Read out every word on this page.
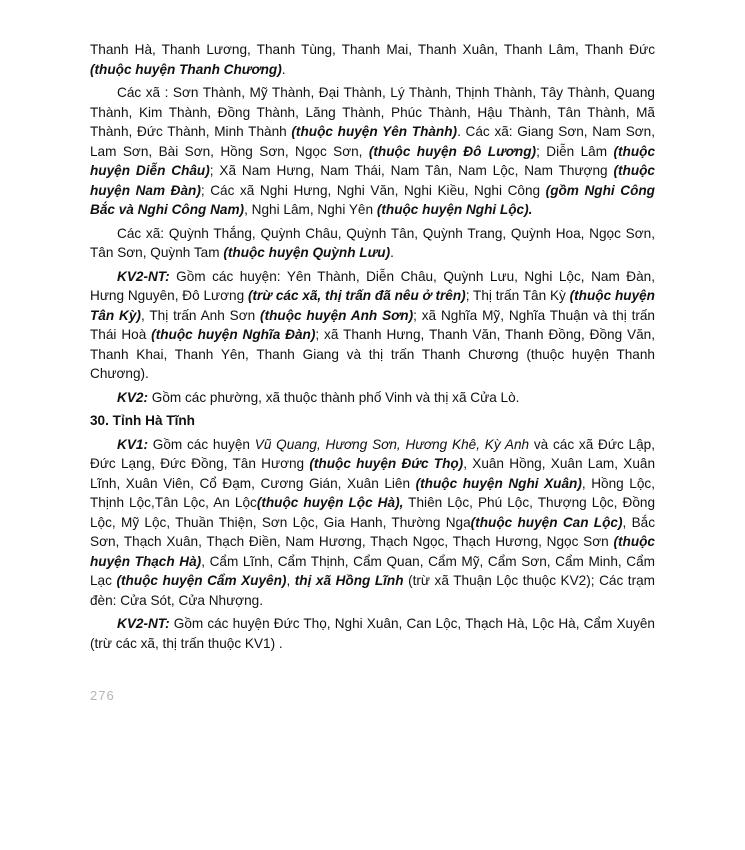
Thanh Hà, Thanh Lương, Thanh Tùng, Thanh Mai, Thanh Xuân, Thanh Lâm, Thanh Đức (thuộc huyện Thanh Chương).

Các xã : Sơn Thành, Mỹ Thành, Đại Thành, Lý Thành, Thịnh Thành, Tây Thành, Quang Thành, Kim Thành, Đồng Thành, Lăng Thành, Phúc Thành, Hậu Thành, Tân Thành, Mã Thành, Đức Thành, Minh Thành (thuộc huyện Yên Thành). Các xã: Giang Sơn, Nam Sơn, Lam Sơn, Bài Sơn, Hồng Sơn, Ngọc Sơn, (thuộc huyện Đô Lương); Diễn Lâm (thuộc huyện Diễn Châu); Xã Nam Hưng, Nam Thái, Nam Tân, Nam Lộc, Nam Thượng (thuộc huyện Nam Đàn); Các xã Nghi Hưng, Nghi Văn, Nghi Kiều, Nghi Công (gồm Nghi Công Bắc và Nghi Công Nam), Nghi Lâm, Nghi Yên (thuộc huyện Nghi Lộc).

Các xã: Quỳnh Thắng, Quỳnh Châu, Quỳnh Tân, Quỳnh Trang, Quỳnh Hoa, Ngọc Sơn, Tân Sơn, Quỳnh Tam (thuộc huyện Quỳnh Lưu).

KV2-NT: Gồm các huyện: Yên Thành, Diễn Châu, Quỳnh Lưu, Nghi Lộc, Nam Đàn, Hưng Nguyên, Đô Lương (trừ các xã, thị trấn đã nêu ở trên); Thị trấn Tân Kỳ (thuộc huyện Tân Kỳ), Thị trấn Anh Sơn (thuộc huyện Anh Sơn); xã Nghĩa Mỹ, Nghĩa Thuận và thị trấn Thái Hoà (thuộc huyện Nghĩa Đàn); xã Thanh Hưng, Thanh Văn, Thanh Đồng, Đồng Văn, Thanh Khai, Thanh Yên, Thanh Giang và thị trấn Thanh Chương (thuộc huyện Thanh Chương).

KV2: Gồm các phường, xã thuộc thành phố Vinh và thị xã Cửa Lò.

30. Tỉnh Hà Tĩnh

KV1: Gồm các huyện Vũ Quang, Hương Sơn, Hương Khê, Kỳ Anh và các xã Đức Lập, Đức Lạng, Đức Đồng, Tân Hương (thuộc huyện Đức Thọ), Xuân Hồng, Xuân Lam, Xuân Lĩnh, Xuân Viên, Cổ Đạm, Cương Gián, Xuân Liên (thuộc huyện Nghi Xuân), Hồng Lộc, Thịnh Lộc,Tân Lộc, An Lộc(thuộc huyện Lộc Hà), Thiên Lộc, Phú Lộc, Thượng Lộc, Đồng Lộc, Mỹ Lộc, Thuần Thiện, Sơn Lộc, Gia Hanh, Thường Nga(thuộc huyện Can Lộc), Bắc Sơn, Thạch Xuân, Thạch Điền, Nam Hương, Thạch Ngọc, Thạch Hương, Ngọc Sơn (thuộc huyện Thạch Hà), Cẩm Lĩnh, Cẩm Thịnh, Cẩm Quan, Cẩm Mỹ, Cẩm Sơn, Cẩm Minh, Cẩm Lạc (thuộc huyện Cẩm Xuyên), thị xã Hồng Lĩnh (trừ xã Thuận Lộc thuộc KV2); Các trạm đèn: Cửa Sót, Cửa Nhượng.

KV2-NT: Gồm các huyện Đức Thọ, Nghi Xuân, Can Lộc, Thạch Hà, Lộc Hà, Cẩm Xuyên (trừ các xã, thị trấn thuộc KV1) .

276
